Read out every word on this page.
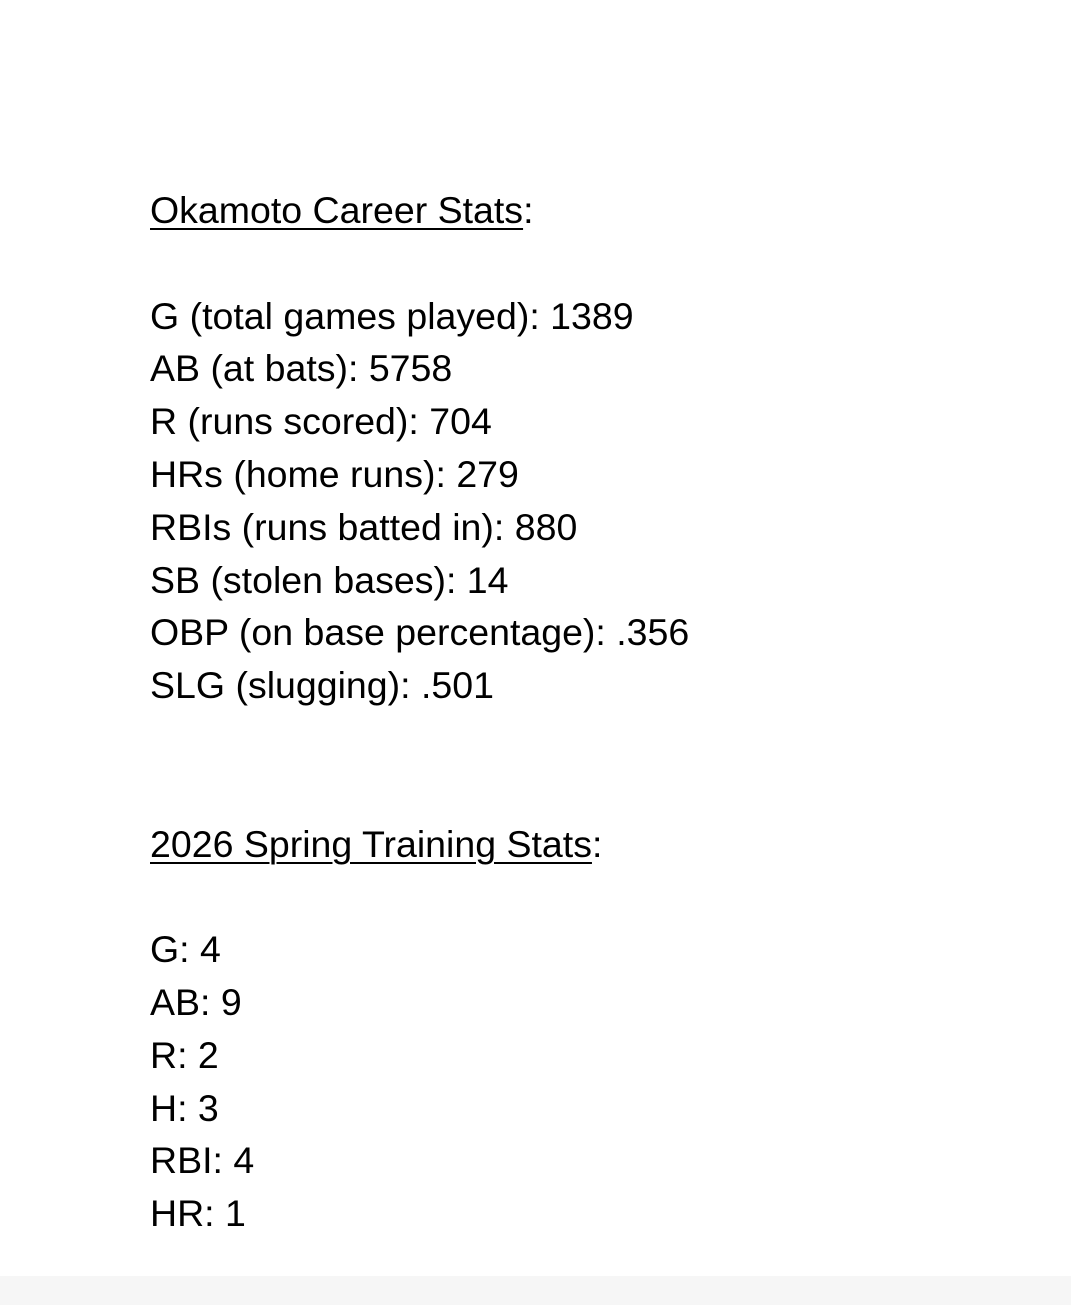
Okamoto Career Stats:
G (total games played): 1389
AB (at bats): 5758
R (runs scored): 704
HRs (home runs): 279
RBIs (runs batted in): 880
SB (stolen bases): 14
OBP (on base percentage): .356
SLG (slugging): .501
2026 Spring Training Stats:
G: 4
AB: 9
R: 2
H: 3
RBI: 4
HR: 1
